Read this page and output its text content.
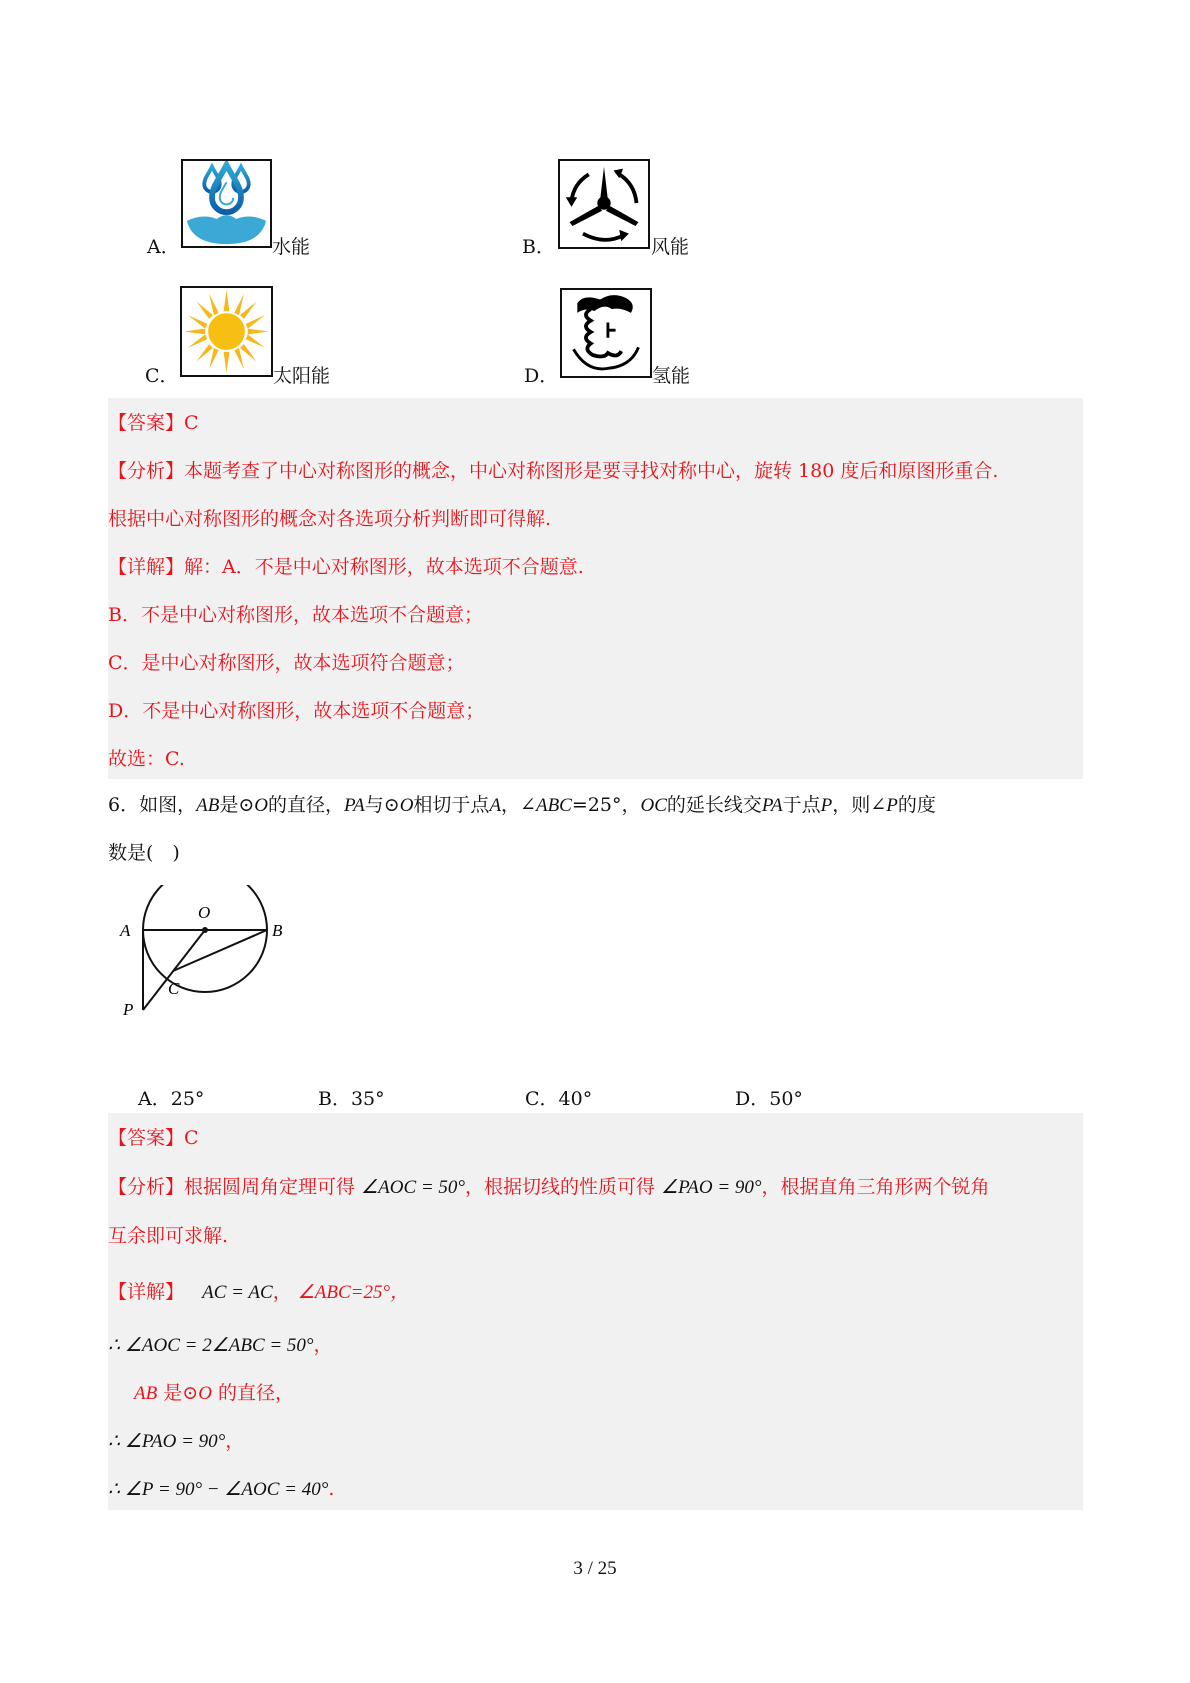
A．	水能	B．	风能
C．	太阳能	D．	氢能
【答案】C
【分析】本题考查了中心对称图形的概念，中心对称图形是要寻找对称中心，旋转 180 度后和原图形重合.
根据中心对称图形的概念对各选项分析判断即可得解.
【详解】解：A．不是中心对称图形，故本选项不合题意.
B．不是中心对称图形，故本选项不合题意；
C．是中心对称图形，故本选项符合题意；
D．不是中心对称图形，故本选项不合题意；
故选：C.
6．如图，AB是⊙O的直径，PA与⊙O相切于点A，∠ABC=25°，OC的延长线交PA于点P，则∠P的度
数是(　)
A	B
O
C
P
A．25°	B．35°	C．40°	D．50°
【答案】C
【分析】根据圆周角定理可得 ∠AOC = 50°，根据切线的性质可得 ∠PAO = 90°，根据直角三角形两个锐角
互余即可求解.
【详解】 AC = AC， ∠ABC=25°，
∴ ∠AOC = 2∠ABC = 50°，
AB 是⊙O 的直径，
∴ ∠PAO = 90°，
∴ ∠P = 90° − ∠AOC = 40°.
3 / 25
